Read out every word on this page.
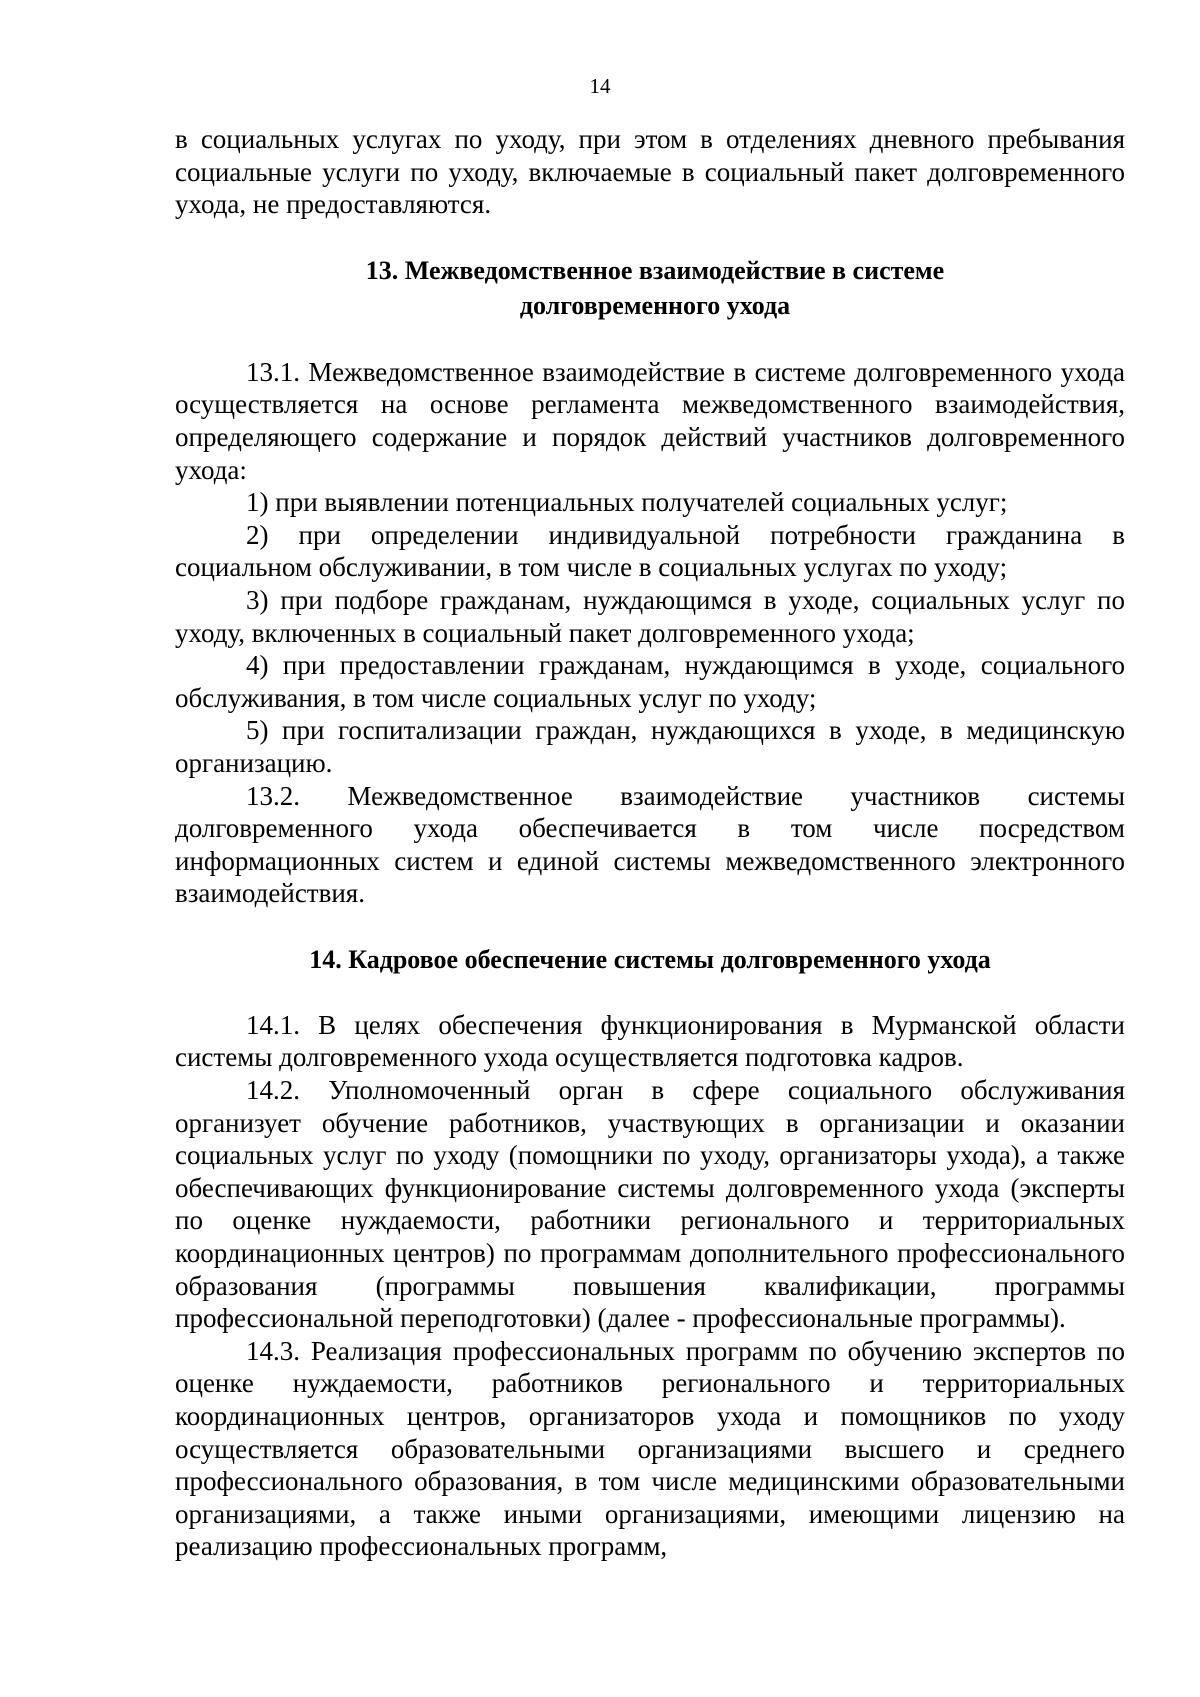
14

в социальных услугах по уходу, при этом в отделениях дневного пребывания социальные услуги по уходу, включаемые в социальный пакет долговременного ухода, не предоставляются.

13. Межведомственное взаимодействие в системе
долговременного ухода

13.1. Межведомственное взаимодействие в системе долговременного ухода осуществляется на основе регламента межведомственного взаимодействия, определяющего содержание и порядок действий участников долговременного ухода:

1) при выявлении потенциальных получателей социальных услуг;

2) при определении индивидуальной потребности гражданина в социальном обслуживании, в том числе в социальных услугах по уходу;

3) при подборе гражданам, нуждающимся в уходе, социальных услуг по уходу, включенных в социальный пакет долговременного ухода;

4) при предоставлении гражданам, нуждающимся в уходе, социального обслуживания, в том числе социальных услуг по уходу;

5) при госпитализации граждан, нуждающихся в уходе, в медицинскую организацию.

13.2. Межведомственное взаимодействие участников системы долговременного ухода обеспечивается в том числе посредством информационных систем и единой системы межведомственного электронного взаимодействия.

14. Кадровое обеспечение системы долговременного ухода

14.1. В целях обеспечения функционирования в Мурманской области системы долговременного ухода осуществляется подготовка кадров.

14.2. Уполномоченный орган в сфере социального обслуживания организует обучение работников, участвующих в организации и оказании социальных услуг по уходу (помощники по уходу, организаторы ухода), а также обеспечивающих функционирование системы долговременного ухода (эксперты по оценке нуждаемости, работники регионального и территориальных координационных центров) по программам дополнительного профессионального образования (программы повышения квалификации, программы профессиональной переподготовки) (далее - профессиональные программы).

14.3. Реализация профессиональных программ по обучению экспертов по оценке нуждаемости, работников регионального и территориальных координационных центров, организаторов ухода и помощников по уходу осуществляется образовательными организациями высшего и среднего профессионального образования, в том числе медицинскими образовательными организациями, а также иными организациями, имеющими лицензию на реализацию профессиональных программ,
